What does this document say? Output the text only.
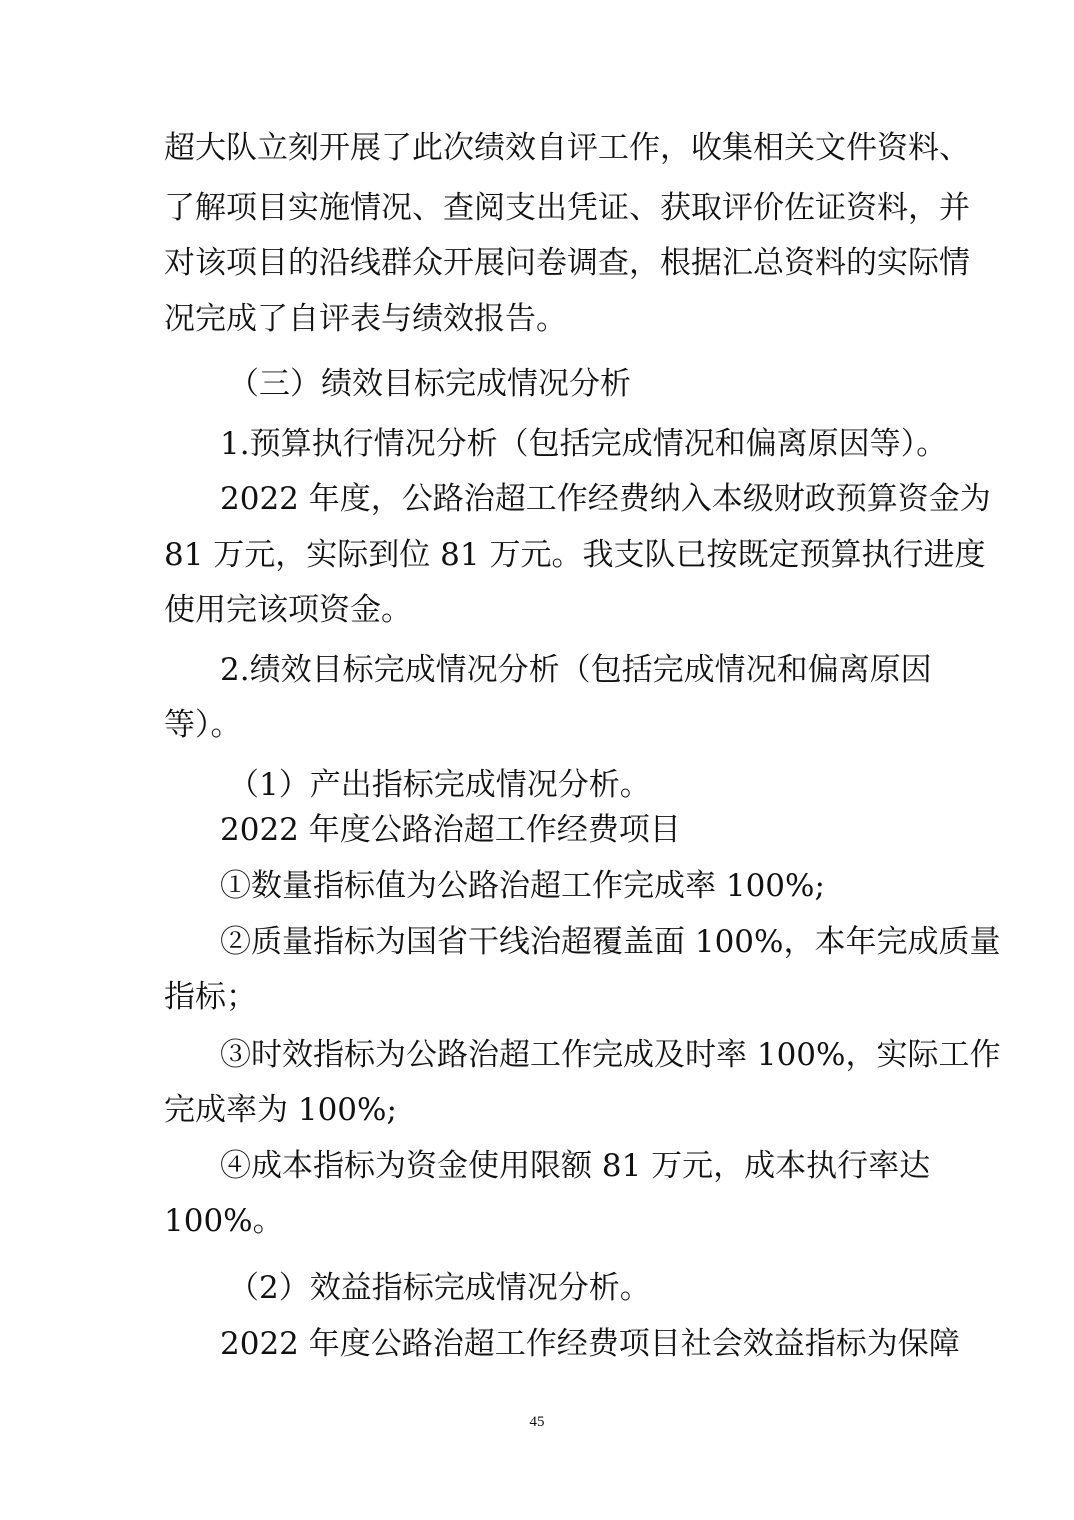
超大队立刻开展了此次绩效自评工作，收集相关文件资料、
了解项目实施情况、查阅支出凭证、获取评价佐证资料，并
对该项目的沿线群众开展问卷调查，根据汇总资料的实际情
况完成了自评表与绩效报告。
（三）绩效目标完成情况分析
1.预算执行情况分析（包括完成情况和偏离原因等）。
2022 年度，公路治超工作经费纳入本级财政预算资金为
81 万元，实际到位 81 万元。我支队已按既定预算执行进度
使用完该项资金。
2.绩效目标完成情况分析（包括完成情况和偏离原因
等）。
（1）产出指标完成情况分析。
2022 年度公路治超工作经费项目
①数量指标值为公路治超工作完成率 100%;
②质量指标为国省干线治超覆盖面 100%，本年完成质量
指标；
③时效指标为公路治超工作完成及时率 100%，实际工作
完成率为 100%;
④成本指标为资金使用限额 81 万元，成本执行率达
100%。
（2）效益指标完成情况分析。
2022 年度公路治超工作经费项目社会效益指标为保障
45
